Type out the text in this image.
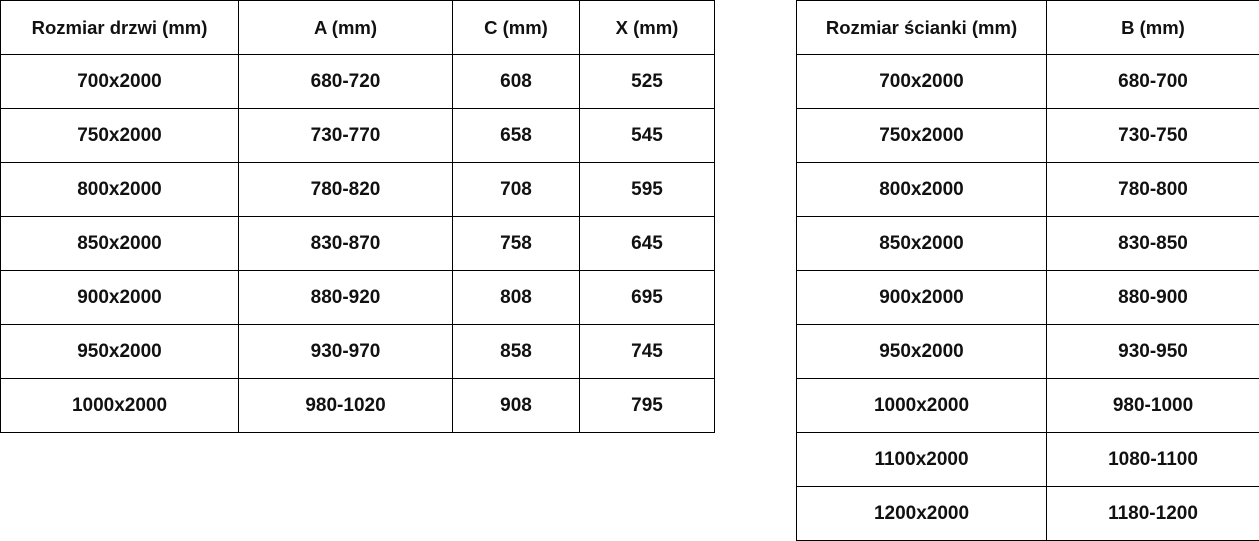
Rozmiar drzwi (mm)	A (mm)	C (mm)	X (mm)
700x2000	680-720	608	525
750x2000	730-770	658	545
800x2000	780-820	708	595
850x2000	830-870	758	645
900x2000	880-920	808	695
950x2000	930-970	858	745
1000x2000	980-1020	908	795
Rozmiar ścianki (mm)	B (mm)
700x2000	680-700
750x2000	730-750
800x2000	780-800
850x2000	830-850
900x2000	880-900
950x2000	930-950
1000x2000	980-1000
1100x2000	1080-1100
1200x2000	1180-1200
